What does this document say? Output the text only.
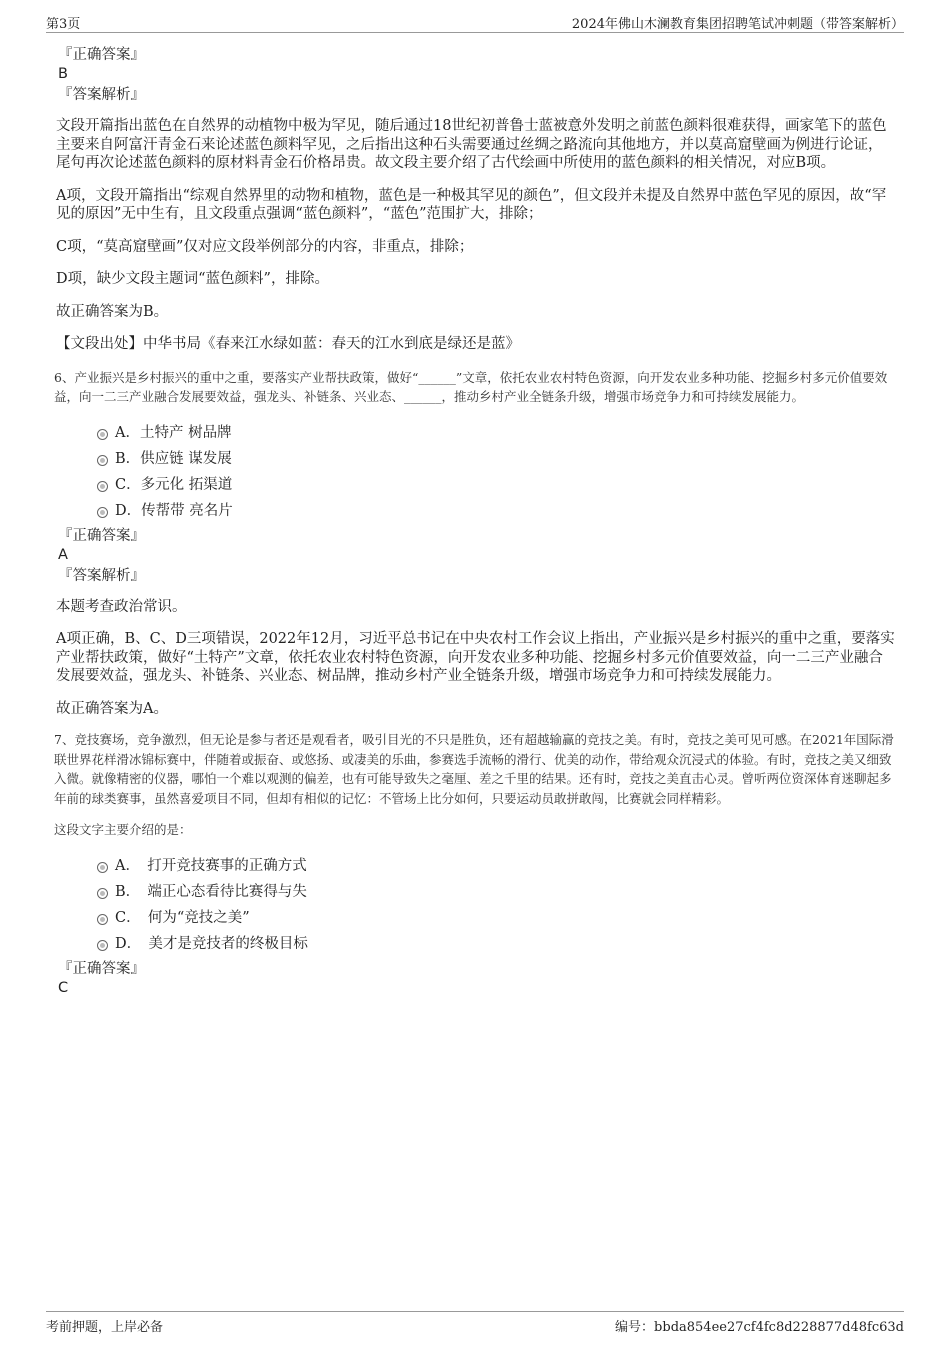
第3页	2024年佛山木澜教育集团招聘笔试冲刺题（带答案解析）
『正确答案』
B
『答案解析』

文段开篇指出蓝色在自然界的动植物中极为罕见，随后通过18世纪初普鲁士蓝被意外发明之前蓝色颜料很难获得，画家笔下的蓝色主要来自阿富汗青金石来论述蓝色颜料罕见，之后指出这种石头需要通过丝绸之路流向其他地方，并以莫高窟壁画为例进行论证，尾句再次论述蓝色颜料的原材料青金石价格昂贵。故文段主要介绍了古代绘画中所使用的蓝色颜料的相关情况，对应B项。

A项，文段开篇指出“综观自然界里的动物和植物，蓝色是一种极其罕见的颜色”，但文段并未提及自然界中蓝色罕见的原因，故“罕见的原因”无中生有，且文段重点强调“蓝色颜料”，“蓝色”范围扩大，排除；

C项，“莫高窟壁画”仅对应文段举例部分的内容，非重点，排除；

D项，缺少文段主题词“蓝色颜料”，排除。

故正确答案为B。

【文段出处】中华书局《春来江水绿如蓝：春天的江水到底是绿还是蓝》

6、产业振兴是乡村振兴的重中之重，要落实产业帮扶政策，做好“______”文章，依托农业农村特色资源，向开发农业多种功能、挖掘乡村多元价值要效益，向一二三产业融合发展要效益，强龙头、补链条、兴业态、______，推动乡村产业全链条升级，增强市场竞争力和可持续发展能力。

A．土特产 树品牌
B．供应链 谋发展
C．多元化 拓渠道
D．传帮带 亮名片
『正确答案』
A
『答案解析』

本题考查政治常识。

A项正确，B、C、D三项错误，2022年12月，习近平总书记在中央农村工作会议上指出，产业振兴是乡村振兴的重中之重，要落实产业帮扶政策，做好“土特产”文章，依托农业农村特色资源，向开发农业多种功能、挖掘乡村多元价值要效益，向一二三产业融合发展要效益，强龙头、补链条、兴业态、树品牌，推动乡村产业全链条升级，增强市场竞争力和可持续发展能力。

故正确答案为A。

7、竞技赛场，竞争激烈，但无论是参与者还是观看者，吸引目光的不只是胜负，还有超越输赢的竞技之美。有时，竞技之美可见可感。在2021年国际滑联世界花样滑冰锦标赛中，伴随着或振奋、或悠扬、或凄美的乐曲，参赛选手流畅的滑行、优美的动作，带给观众沉浸式的体验。有时，竞技之美又细致入微。就像精密的仪器，哪怕一个难以观测的偏差，也有可能导致失之毫厘、差之千里的结果。还有时，竞技之美直击心灵。曾听两位资深体育迷聊起多年前的球类赛事，虽然喜爱项目不同，但却有相似的记忆：不管场上比分如何，只要运动员敢拼敢闯，比赛就会同样精彩。

这段文字主要介绍的是：

A．　打开竞技赛事的正确方式
B．　端正心态看待比赛得与失
C．　何为“竞技之美”
D．　美才是竞技者的终极目标
『正确答案』
C
考前押题，上岸必备	编号：bbda854ee27cf4fc8d228877d48fc63d
